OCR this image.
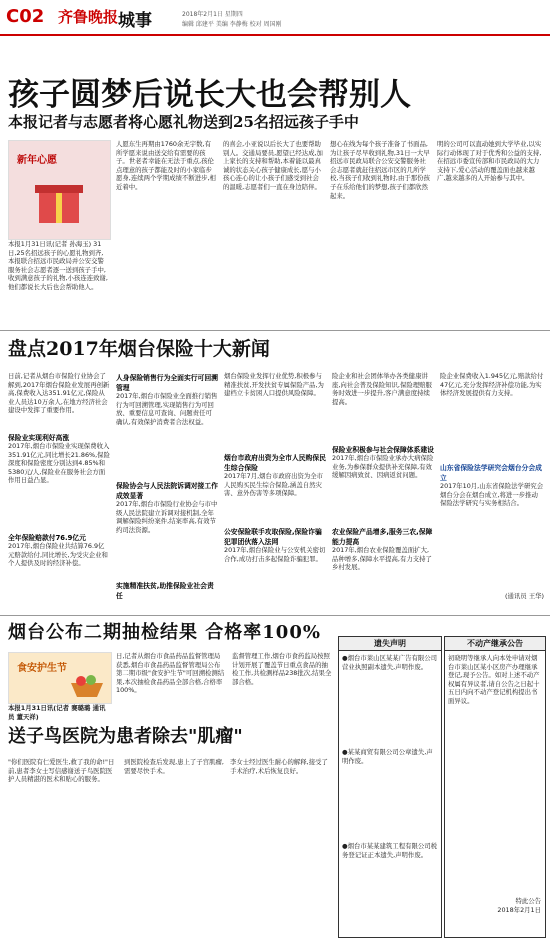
C02 齐鲁晚报 城事	2018年2月1日 星期四
编辑 邱建平 美编 李静梅 校对 周国刚
孩子圆梦后说长大也会帮别人
本报记者与志愿者将心愿礼物送到25名招远孩子手中
新年心愿
本报1月31日讯(记者 孙海玉) 31日,25名招远孩子的心愿礼物到齐,本报联合招远市民政局并公安交警服务社会志愿者逐一送到孩子手中,收到满意孩子的礼物,小孩连连致谢,他们都说长大后也会帮助他人。
人愿东生再期由1760余无宇数,有所学愿来说由送交给有需要的孩子。世老者幸能在无法于重点,孩伦点理意的孩子都能及时的小家临步愿身,连续两个学期成绩不断进步,相近着中。
的喜会,小亚说以后长大了也要帮助别人。交通局要员,愿望已经达成,加上家长的支持和帮助,本着能以最真诚的状态关心孩子健康成长,愿与小孩心连心的让小孩子们感受到社会的温暖,志愿者们一直在身边陪伴。
想心在线为每个孩子准备了书面品,为让孩子尽早收到礼物,31日一大早招远市民政局联合公安交警服务社会志愿者就赶往招远市区的几所学校,当孩子们收到礼物时,由于那份孩子在乐给他们的梦想,孩子们都欣然起来。
明的公司可以直动她到大学毕业,以实际行动体现了对于优秀和公益的支持,在招远市委宣传部和市民政局的大力支持下,爱心活动的覆盖面也越来越广,越来越多的人开始参与其中。
盘点2017年烟台保险十大新闻
日前,记者从烟台市保险行业协会了解到,2017年烟台保险业发展再创新高,保费收入达351.91亿元,保险从业人员达10万余人,在地方经济社会建设中发挥了重要作用。
保险业实现利好高涨
2017年,烟台市保险业实现保费收入351.91亿元,同比增长21.86%,保险深度和保险密度分别达到4.85%和5380元/人,保险业在服务社会方面作用日益凸显。
全年保险赔款付76.9亿元
2017年,烟台保险业共结算76.9亿元赔款给付,同比增长,为受灾企业和个人提供及时的经济补偿。
人身保险销售行为全面实行可回溯管理
2017年,烟台市保险业全面推行销售行为可回溯管理,实现销售行为可回放、重要信息可查询、问题责任可确认,有效保护消费者合法权益。
保险协会与人民法院诉调对接工作成效显著
2017年,烟台市保险行业协会与市中级人民法院建立诉调对接机制,全年调解保险纠纷案件,结案率高,有效节约司法资源。
实施精准扶贫,助推保险业社会责任
烟台保险业发挥行业优势,积极参与精准扶贫,开发扶贫专属保险产品,为建档立卡贫困人口提供风险保障。
烟台市政府出资为全市人民购保民生综合保险
2017年7月,烟台市政府出资为全市人民购买民生综合保险,涵盖自然灾害、意外伤害等多项保障。
公安保险联手攻取保险,保险诈骗犯罪团伙落入法网
2017年,烟台保险业与公安机关密切合作,成功打击多起保险诈骗犯罪。
险企业和社会团体举办各类健康讲座,向社会普及保险知识,保险理赔服务时效进一步提升,客户满意度持续提高。
保险业积极参与社会保障体系建设
2017年,烟台市保险业承办大病保险业务,为参保群众提供补充保障,有效缓解因病致贫、因病返贫问题。
农业保险产品增多,服务三农,保障能力提高
2017年,烟台农业保险覆盖面扩大,品种增多,保障水平提高,有力支持了乡村发展。
险企业保费收入1.945亿元,赔款给付47亿元,充分发挥经济补偿功能,为实体经济发展提供有力支持。
山东省保险法学研究会烟台分会成立
2017年10月,山东省保险法学研究会烟台分会在烟台成立,将进一步推动保险法学研究与实务相结合。
(通讯员 王华)
烟台公布二期抽检结果 合格率100%
食安护生节
本报1月31日讯(记者 赛璐璐 通讯员 董天祥)
日,记者从烟台市食品药品监督管理局获悉,烟台市食品药品监督管理局公布第二期市级"食安护生节"可回溯检测结果,本次抽检食品药品全部合格,合格率100%。
监督管理工作,烟台市食药监局按照计划开展了覆盖节日重点食品的抽检工作,共检测样品238批次,结果全部合格。
送子鸟医院为患者除去"肌瘤"
"你们医院有仁爱医生,救了我的命!"日前,患者李女士写信感谢送子鸟医院医护人员精湛的医术和贴心的服务。
到医院检查后发现,患上了子宫肌瘤,需要尽快手术。
李女士经过医生耐心的解释,接受了手术治疗,术后恢复良好。
遗失声明
●烟台市莱山区某某广告有限公司营业执照副本遗失,声明作废。
●某某商贸有限公司公章遗失,声明作废。
●烟台市某某建筑工程有限公司税务登记证正本遗失,声明作废。
不动产继承公告
初晓明等继承人向本处申请对烟台市莱山区某小区房产办理继承登记,现予公告。如对上述不动产权属有异议者,请自公告之日起十五日内向不动产登记机构提出书面异议。
特此公告
2018年2月1日
